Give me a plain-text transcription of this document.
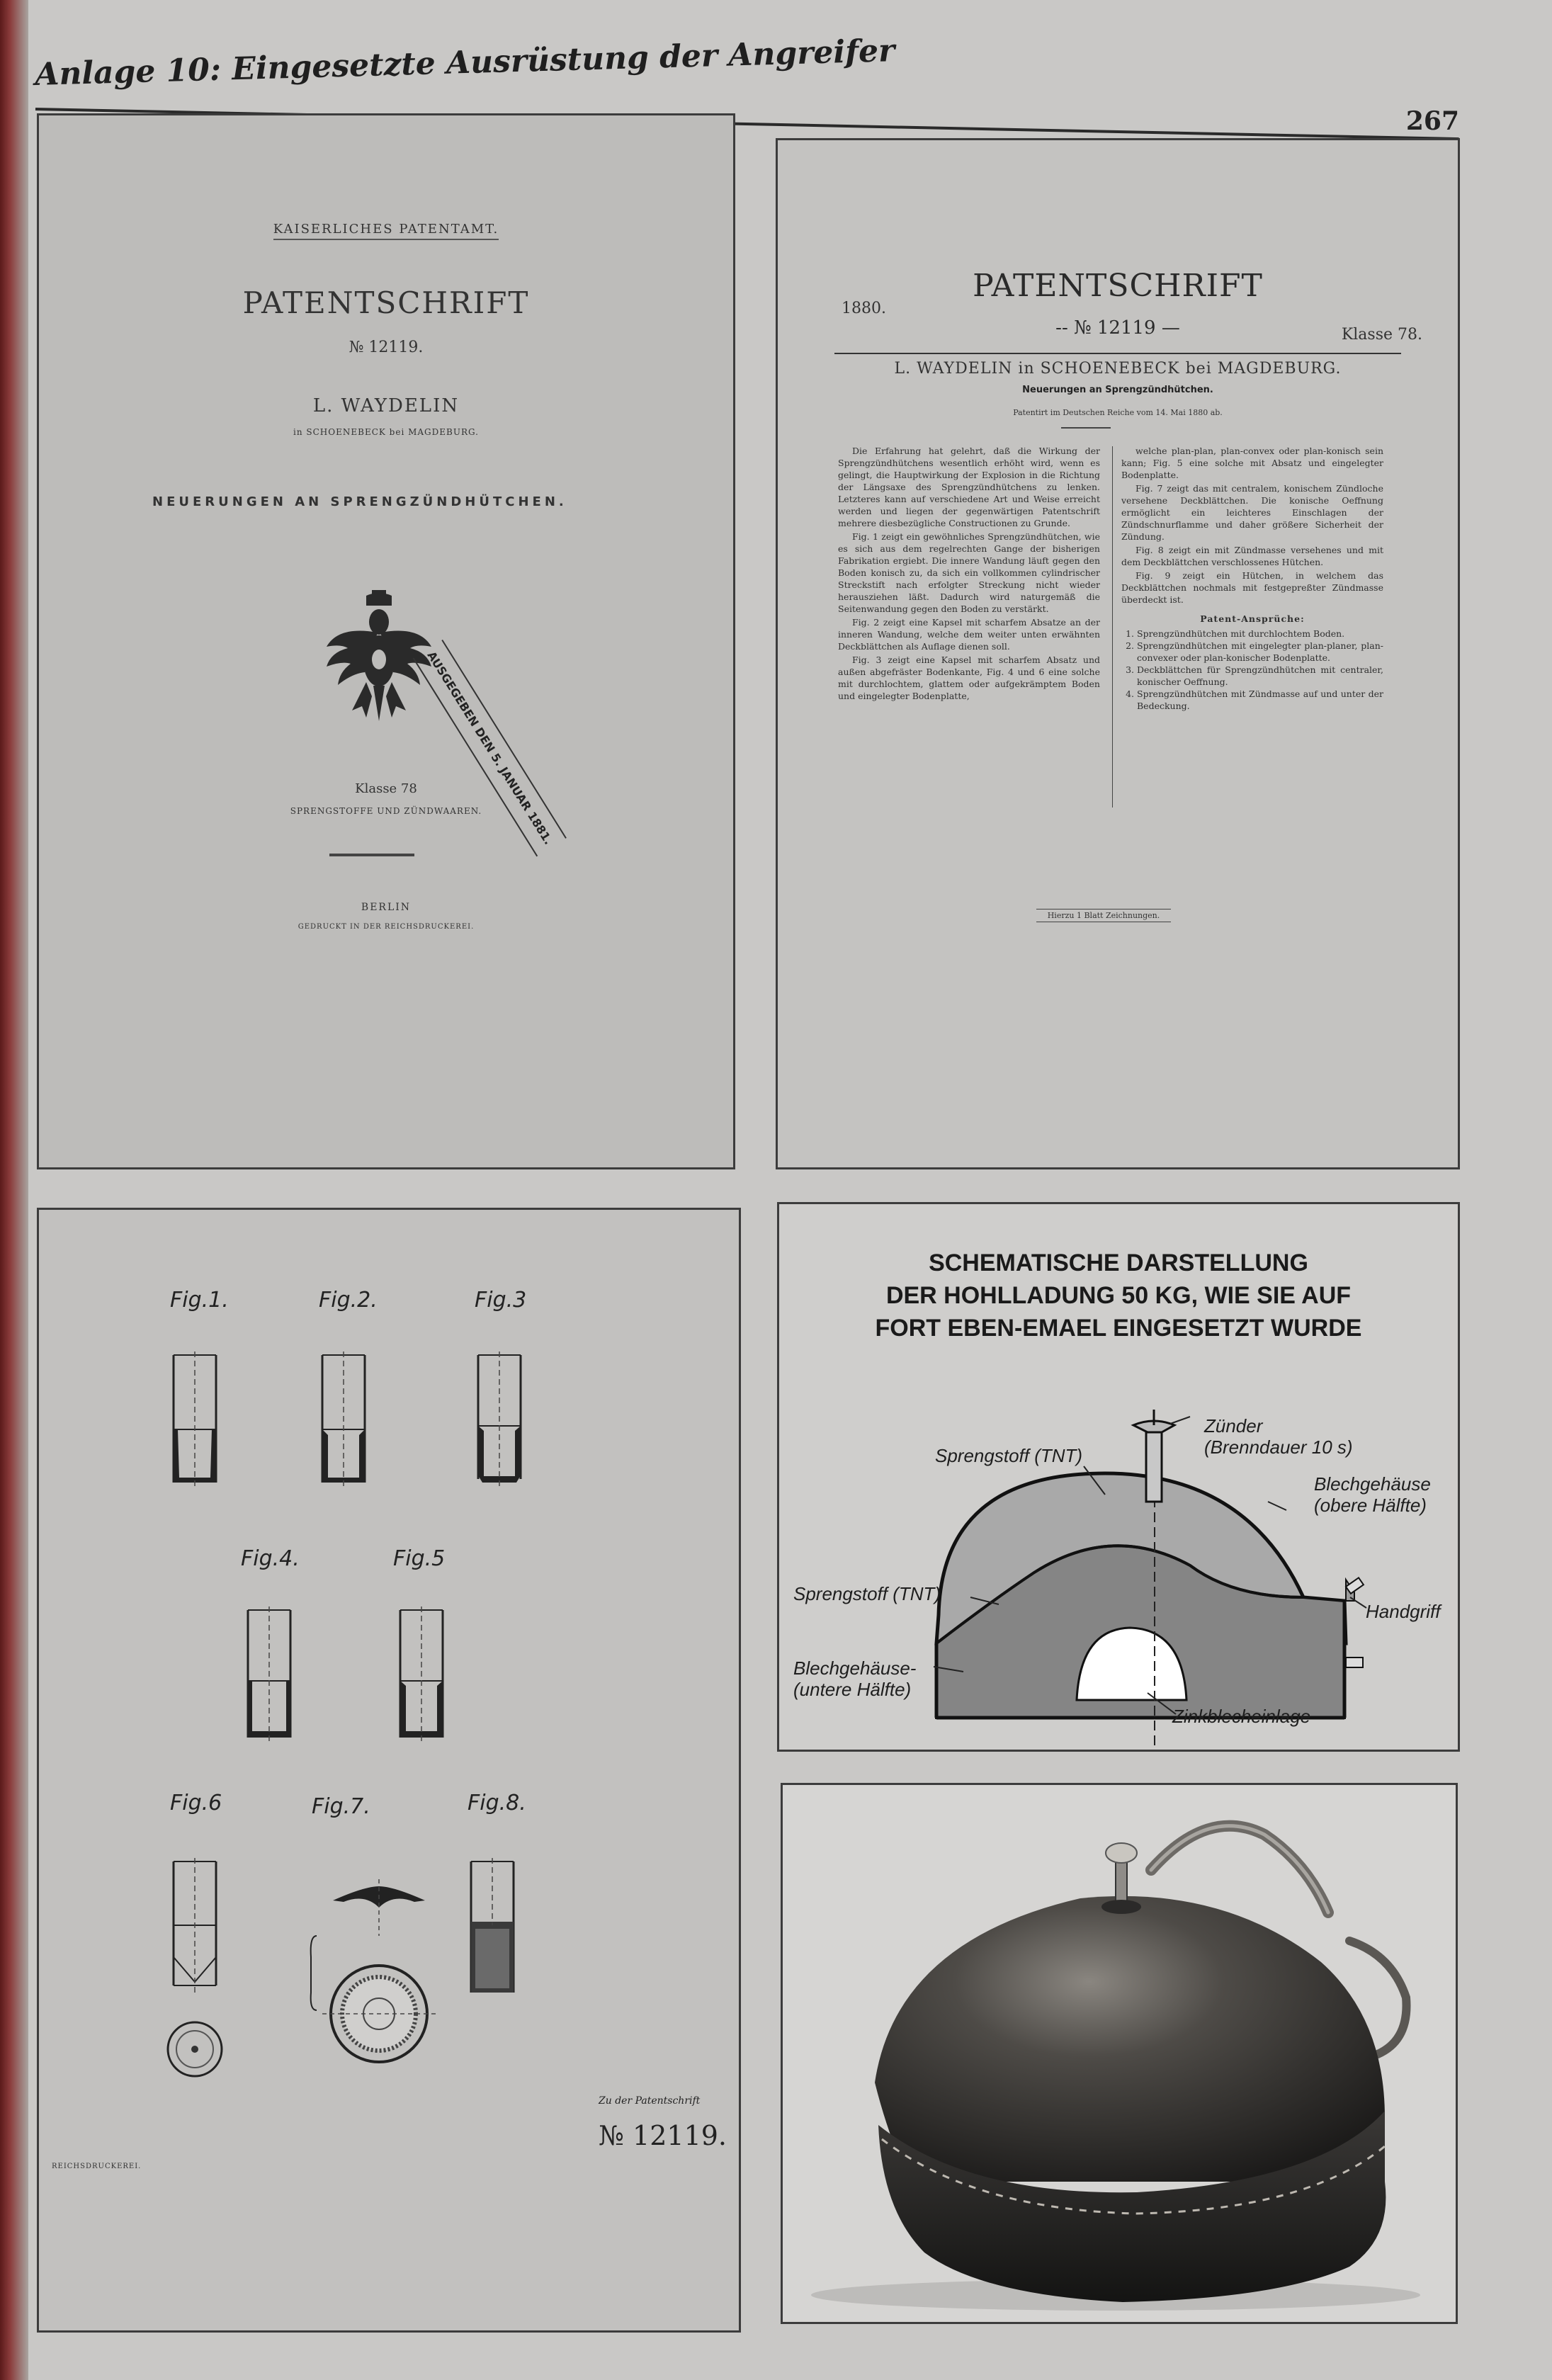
Anlage 10: Eingesetzte Ausrüstung der Angreifer
267
KAISERLICHES PATENTAMT.
PATENTSCHRIFT
№ 12119.
L. WAYDELIN
in SCHOENEBECK bei MAGDEBURG.
NEUERUNGEN AN SPRENGZÜNDHÜTCHEN.
AUSGEGEBEN DEN 5. JANUAR 1881.
Klasse 78
SPRENGSTOFFE UND ZÜNDWAAREN.
BERLIN
GEDRUCKT IN DER REICHSDRUCKEREI.
PATENTSCHRIFT
1880.
-- № 12119 —	Klasse 78.
L. WAYDELIN in SCHOENEBECK bei MAGDEBURG.
Neuerungen an Sprengzündhütchen.
Patentirt im Deutschen Reiche vom 14. Mai 1880 ab.

Die Erfahrung hat gelehrt, daß die Wirkung der Sprengzündhütchens wesentlich erhöht wird, wenn es gelingt, die Hauptwirkung der Explosion in die Richtung der Längsaxe des Sprengzündhütchens zu lenken. Letzteres kann auf verschiedene Art und Weise erreicht werden und liegen der gegenwärtigen Patentschrift mehrere diesbezügliche Constructionen zu Grunde.

Fig. 1 zeigt ein gewöhnliches Sprengzündhütchen, wie es sich aus dem regelrechten Gange der bisherigen Fabrikation ergiebt. Die innere Wandung läuft gegen den Boden konisch zu, da sich ein vollkommen cylindrischer Streckstift nach erfolgter Streckung nicht wieder herausziehen läßt. Dadurch wird naturgemäß die Seitenwandung gegen den Boden zu verstärkt.

Fig. 2 zeigt eine Kapsel mit scharfem Absatze an der inneren Wandung, welche dem weiter unten erwähnten Deckblättchen als Auflage dienen soll.

Fig. 3 zeigt eine Kapsel mit scharfem Absatz und außen abgefräster Bodenkante, Fig. 4 und 6 eine solche mit durchlochtem, glattem oder aufgekrämptem Boden und eingelegter Bodenplatte,

welche plan-plan, plan-convex oder plan-konisch sein kann; Fig. 5 eine solche mit Absatz und eingelegter Bodenplatte.

Fig. 7 zeigt das mit centralem, konischem Zündloche versehene Deckblättchen. Die konische Oeffnung ermöglicht ein leichteres Einschlagen der Zündschnurflamme und daher größere Sicherheit der Zündung.

Fig. 8 zeigt ein mit Zündmasse versehenes und mit dem Deckblättchen verschlossenes Hütchen.

Fig. 9 zeigt ein Hütchen, in welchem das Deckblättchen nochmals mit festgepreßter Zündmasse überdeckt ist.

Patent-Ansprüche:
1. Sprengzündhütchen mit durchlochtem Boden.
2. Sprengzündhütchen mit eingelegter plan-planer, plan-convexer oder plan-konischer Bodenplatte.
3. Deckblättchen für Sprengzündhütchen mit centraler, konischer Oeffnung.
4. Sprengzündhütchen mit Zündmasse auf und unter der Bedeckung.
Hierzu 1 Blatt Zeichnungen.
Fig.1.	Fig.2.	Fig.3
Fig.4.	Fig.5
Fig.6	Fig.7.	Fig.8.
Zu der Patentschrift
№ 12119.
REICHSDRUCKEREI.
SCHEMATISCHE DARSTELLUNG
DER HOHLLADUNG 50 KG, WIE SIE AUF
FORT EBEN-EMAEL EINGESETZT WURDE
Zünder
(Brenndauer 10 s)
Sprengstoff (TNT)
Blechgehäuse
(obere Hälfte)
Sprengstoff (TNT)
Handgriff
Blechgehäuse-
(untere Hälfte)
Zinkblecheinlage
